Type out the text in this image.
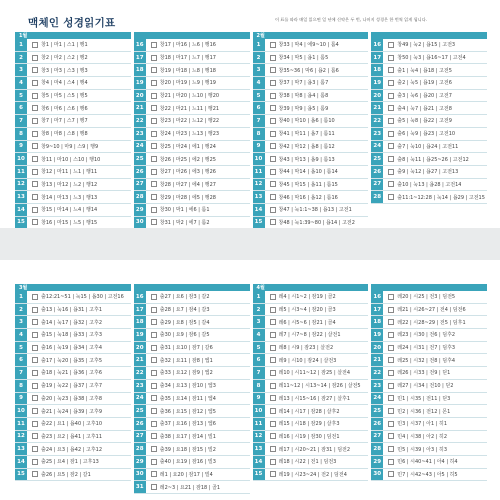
맥체인 성경읽기표	이 표를 따라 매일 읽으면 일 년에 신약은 두 번, 나머지 성경은 한 번씩 읽게 됩니다.
1월
1	창1 | 마1 | 스1 | 행1
2	창2 | 마2 | 스2 | 행2
3	창3 | 마3 | 스3 | 행3
4	창4 | 마4 | 스4 | 행4
5	창5 | 마5 | 스5 | 행5
6	창6 | 마6 | 스6 | 행6
7	창7 | 마7 | 스7 | 행7
8	창8 | 마8 | 스8 | 행8
9	창9~10 | 마9 | 스9 | 행9
10	창11 | 마10 | 스10 | 행10
11	창12 | 마11 | 느1 | 행11
12	창13 | 마12 | 느2 | 행12
13	창14 | 마13 | 느3 | 행13
14	창15 | 마14 | 느4 | 행14
15	창16 | 마15 | 느5 | 행15
16	창17 | 마16 | 느6 | 행16
17	창18 | 마17 | 느7 | 행17
18	창19 | 마18 | 느8 | 행18
19	창20 | 마19 | 느9 | 행19
20	창21 | 마20 | 느10 | 행20
21	창22 | 마21 | 느11 | 행21
22	창23 | 마22 | 느12 | 행22
23	창24 | 마23 | 느13 | 행23
24	창25 | 마24 | 에1 | 행24
25	창26 | 마25 | 에2 | 행25
26	창27 | 마26 | 에3 | 행26
27	창28 | 마27 | 에4 | 행27
28	창29 | 마28 | 에5 | 행28
29	창30 | 막1 | 에6 | 롬1
30	창31 | 막2 | 에7 | 롬2
2월
1	창33 | 막4 | 에9~10 | 롬4
2	창34 | 막5 | 욥1 | 롬5
3	창35~36 | 막6 | 욥2 | 롬6
4	창37 | 막7 | 욥3 | 롬7
5	창38 | 막8 | 욥4 | 롬8
6	창39 | 막9 | 욥5 | 롬9
7	창40 | 막10 | 욥6 | 롬10
8	창41 | 막11 | 욥7 | 롬11
9	창42 | 막12 | 욥8 | 롬12
10	창43 | 막13 | 욥9 | 롬13
11	창44 | 막14 | 욥10 | 롬14
12	창45 | 막15 | 욥11 | 롬15
13	창46 | 막16 | 욥12 | 롬16
14	창47 | 눅1:1~38 | 욥13 | 고전1
15	창48 | 눅1:39~80 | 욥14 | 고전2
16	창49 | 눅2 | 욥15 | 고전3
17	창50 | 눅3 | 욥16~17 | 고전4
18	출1 | 눅4 | 욥18 | 고전5
19	출2 | 눅5 | 욥19 | 고전6
20	출3 | 눅6 | 욥20 | 고전7
21	출4 | 눅7 | 욥21 | 고전8
22	출5 | 눅8 | 욥22 | 고전9
23	출6 | 눅9 | 욥23 | 고전10
24	출7 | 눅10 | 욥24 | 고전11
25	출8 | 눅11 | 욥25~26 | 고전12
26	출9 | 눅12 | 욥27 | 고전13
27	출10 | 눅13 | 욥28 | 고전14
28	출11:1~12:28 | 눅14 | 욥29 | 고전15
3월
1	출12:21~51 | 눅15 | 욥30 | 고전16
2	출13 | 눅16 | 욥31 | 고후1
3	출14 | 눅17 | 욥32 | 고후2
4	출15 | 눅18 | 욥33 | 고후3
5	출16 | 눅19 | 욥34 | 고후4
6	출17 | 눅20 | 욥35 | 고후5
7	출18 | 눅21 | 욥36 | 고후6
8	출19 | 눅22 | 욥37 | 고후7
9	출20 | 눅23 | 욥38 | 고후8
10	출21 | 눅24 | 욥39 | 고후9
11	출22 | 요1 | 욥40 | 고후10
12	출23 | 요2 | 욥41 | 고후11
13	출24 | 요3 | 욥42 | 고후12
14	출25 | 요4 | 잠1 | 고후13
15	출26 | 요5 | 잠2 | 갈1
16	출27 | 요6 | 잠3 | 갈2
17	출28 | 요7 | 잠4 | 갈3
18	출29 | 요8 | 잠5 | 갈4
19	출30 | 요9 | 잠6 | 갈5
20	출31 | 요10 | 잠7 | 갈6
21	출32 | 요11 | 잠8 | 엡1
22	출33 | 요12 | 잠9 | 엡2
23	출34 | 요13 | 잠10 | 엡3
24	출35 | 요14 | 잠11 | 엡4
25	출36 | 요15 | 잠12 | 엡5
26	출37 | 요16 | 잠13 | 엡6
27	출38 | 요17 | 잠14 | 빌1
28	출39 | 요18 | 잠15 | 빌2
29	출40 | 요19 | 잠16 | 빌3
30	레1 | 요20 | 잠17 | 빌4
31	레2~3 | 요21 | 잠18 | 골1
4월
1	레4 | 시1~2 | 잠19 | 골2
2	레5 | 시3~4 | 잠20 | 골3
3	레6 | 시5~6 | 잠21 | 골4
4	레7 | 시7~8 | 잠22 | 살전1
5	레8 | 시9 | 잠23 | 살전2
6	레9 | 시10 | 잠24 | 살전3
7	레10 | 시11~12 | 잠25 | 살전4
8	레11~12 | 시13~14 | 잠26 | 살전5
9	레13 | 시15~16 | 잠27 | 살후1
10	레14 | 시17 | 잠28 | 살후2
11	레15 | 시18 | 잠29 | 살후3
12	레16 | 시19 | 잠30 | 딤전1
13	레17 | 시20~21 | 잠31 | 딤전2
14	레18 | 시22 | 전1 | 딤전3
15	레19 | 시23~24 | 전2 | 딤전4
16	레20 | 시25 | 전3 | 딤전5
17	레21 | 시26~27 | 전4 | 딤전6
18	레22 | 시28~29 | 전5 | 딤후1
19	레23 | 시30 | 전6 | 딤후2
20	레24 | 시31 | 전7 | 딤후3
21	레25 | 시32 | 전8 | 딤후4
22	레26 | 시33 | 전9 | 딛1
23	레27 | 시34 | 전10 | 딛2
24	민1 | 시35 | 전11 | 딛3
25	민2 | 시36 | 전12 | 몬1
26	민3 | 시37 | 아1 | 히1
27	민4 | 시38 | 아2 | 히2
28	민5 | 시39 | 아3 | 히3
29	민6 | 시40~41 | 아4 | 히4
30	민7 | 시42~43 | 아5 | 히5
